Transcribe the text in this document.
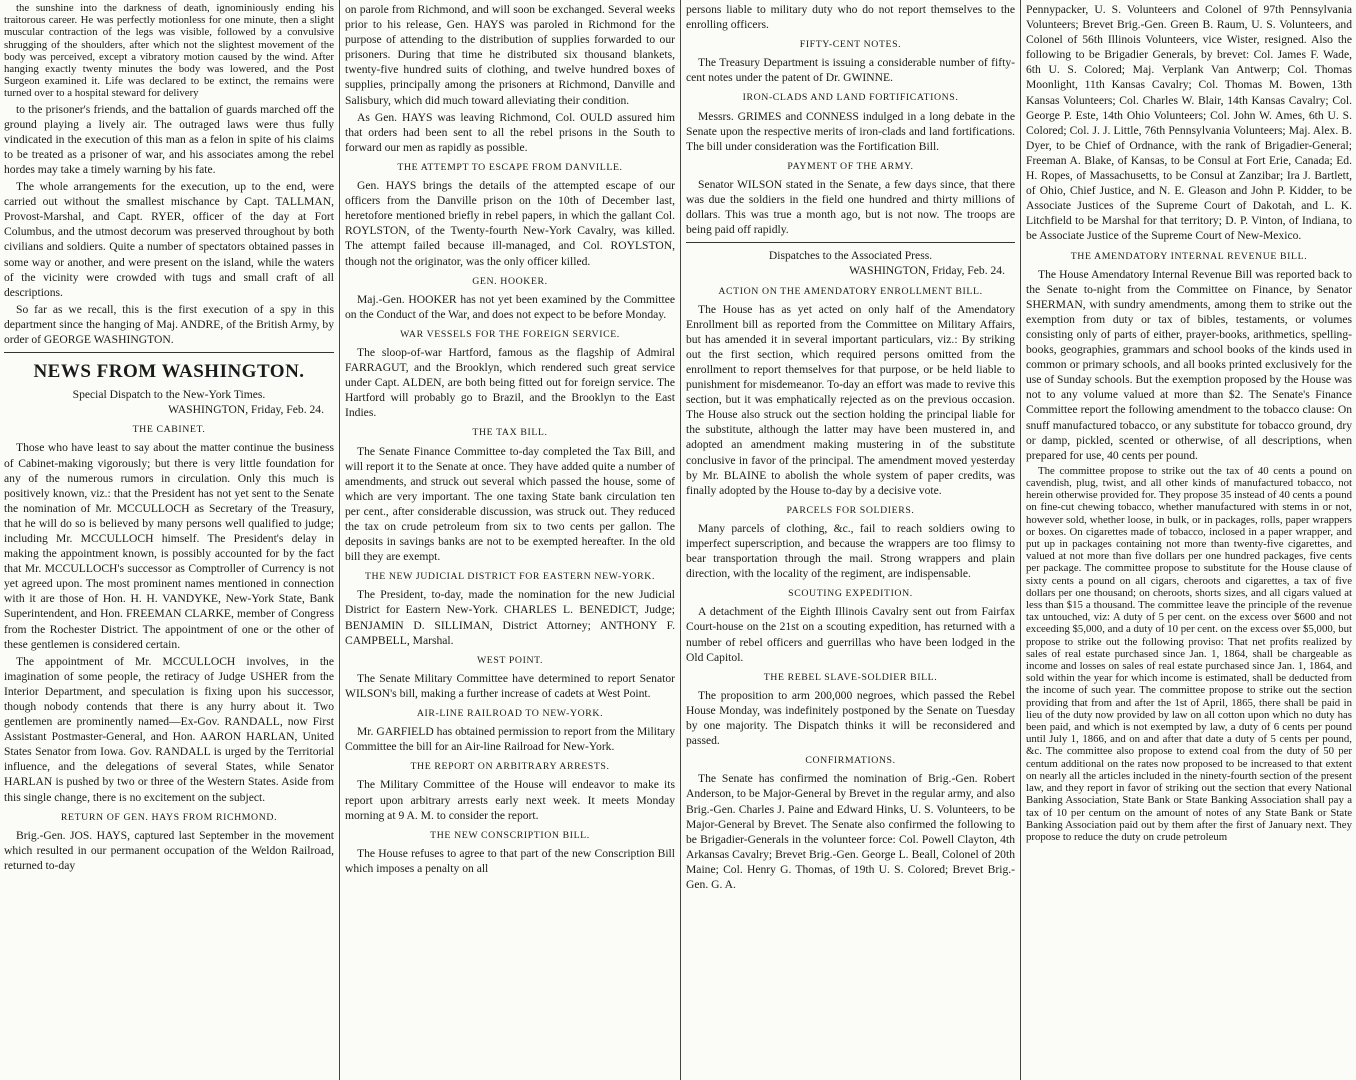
the sunshine into the darkness of death, ignominiously ending his traitorous career. He was perfectly motionless for one minute, then a slight muscular contraction of the legs was visible, followed by a convulsive shrugging of the shoulders, after which not the slightest movement of the body was perceived, except a vibratory motion caused by the wind. After hanging exactly twenty minutes the body was lowered, and the Post Surgeon examined it. Life was declared to be extinct, the remains were turned over to a hospital steward for delivery

to the prisoner's friends, and the battalion of guards marched off the ground playing a lively air. The outraged laws were thus fully vindicated in the execution of this man as a felon in spite of his claims to be treated as a prisoner of war, and his associates among the rebel hordes may take a timely warning by his fate.

The whole arrangements for the execution, up to the end, were carried out without the smallest mischance by Capt. TALLMAN, Provost-Marshal, and Capt. RYER, officer of the day at Fort Columbus, and the utmost decorum was preserved throughout by both civilians and soldiers. Quite a number of spectators obtained passes in some way or another, and were present on the island, while the waters of the vicinity were crowded with tugs and small craft of all descriptions.

So far as we recall, this is the first execution of a spy in this department since the hanging of Maj. ANDRE, of the British Army, by order of GEORGE WASHINGTON.

NEWS FROM WASHINGTON.
Special Dispatch to the New-York Times.
WASHINGTON, Friday, Feb. 24.
THE CABINET.

Those who have least to say about the matter continue the business of Cabinet-making vigorously; but there is very little foundation for any of the numerous rumors in circulation. Only this much is positively known, viz.: that the President has not yet sent to the Senate the nomination of Mr. MCCULLOCH as Secretary of the Treasury, that he will do so is believed by many persons well qualified to judge; including Mr. MCCULLOCH himself. The President's delay in making the appointment known, is possibly accounted for by the fact that Mr. MCCULLOCH's successor as Comptroller of Currency is not yet agreed upon. The most prominent names mentioned in connection with it are those of Hon. H. H. VANDYKE, New-York State, Bank Superintendent, and Hon. FREEMAN CLARKE, member of Congress from the Rochester District. The appointment of one or the other of these gentlemen is considered certain.

The appointment of Mr. MCCULLOCH involves, in the imagination of some people, the retiracy of Judge USHER from the Interior Department, and speculation is fixing upon his successor, though nobody contends that there is any hurry about it. Two gentlemen are prominently named—Ex-Gov. RANDALL, now First Assistant Postmaster-General, and Hon. AARON HARLAN, United States Senator from Iowa. Gov. RANDALL is urged by the Territorial influence, and the delegations of several States, while Senator HARLAN is pushed by two or three of the Western States. Aside from this single change, there is no excitement on the subject.

RETURN OF GEN. HAYS FROM RICHMOND.

Brig.-Gen. JOS. HAYS, captured last September in the movement which resulted in our permanent occupation of the Weldon Railroad, returned to-day

on parole from Richmond, and will soon be exchanged. Several weeks prior to his release, Gen. HAYS was paroled in Richmond for the purpose of attending to the distribution of supplies forwarded to our prisoners. During that time he distributed six thousand blankets, twenty-five hundred suits of clothing, and twelve hundred boxes of supplies, principally among the prisoners at Richmond, Danville and Salisbury, which did much toward alleviating their condition.

As Gen. HAYS was leaving Richmond, Col. OULD assured him that orders had been sent to all the rebel prisons in the South to forward our men as rapidly as possible.

THE ATTEMPT TO ESCAPE FROM DANVILLE.

Gen. HAYS brings the details of the attempted escape of our officers from the Danville prison on the 10th of December last, heretofore mentioned briefly in rebel papers, in which the gallant Col. ROYLSTON, of the Twenty-fourth New-York Cavalry, was killed. The attempt failed because ill-managed, and Col. ROYLSTON, though not the originator, was the only officer killed.

GEN. HOOKER.

Maj.-Gen. HOOKER has not yet been examined by the Committee on the Conduct of the War, and does not expect to be before Monday.

WAR VESSELS FOR THE FOREIGN SERVICE.

The sloop-of-war Hartford, famous as the flagship of Admiral FARRAGUT, and the Brooklyn, which rendered such great service under Capt. ALDEN, are both being fitted out for foreign service. The Hartford will probably go to Brazil, and the Brooklyn to the East Indies.

THE TAX BILL.

The Senate Finance Committee to-day completed the Tax Bill, and will report it to the Senate at once. They have added quite a number of amendments, and struck out several which passed the house, some of which are very important. The one taxing State bank circulation ten per cent., after considerable discussion, was struck out. They reduced the tax on crude petroleum from six to two cents per gallon. The deposits in savings banks are not to be exempted hereafter. In the old bill they are exempt.

THE NEW JUDICIAL DISTRICT FOR EASTERN NEW-YORK.

The President, to-day, made the nomination for the new Judicial District for Eastern New-York. CHARLES L. BENEDICT, Judge; BENJAMIN D. SILLIMAN, District Attorney; ANTHONY F. CAMPBELL, Marshal.

WEST POINT.

The Senate Military Committee have determined to report Senator WILSON's bill, making a further increase of cadets at West Point.

AIR-LINE RAILROAD TO NEW-YORK.

Mr. GARFIELD has obtained permission to report from the Military Committee the bill for an Air-line Railroad for New-York.

THE REPORT ON ARBITRARY ARRESTS.

The Military Committee of the House will endeavor to make its report upon arbitrary arrests early next week. It meets Monday morning at 9 A. M. to consider the report.

THE NEW CONSCRIPTION BILL.

The House refuses to agree to that part of the new Conscription Bill which imposes a penalty on all

persons liable to military duty who do not report themselves to the enrolling officers.

FIFTY-CENT NOTES.

The Treasury Department is issuing a considerable number of fifty-cent notes under the patent of Dr. GWINNE.

IRON-CLADS AND LAND FORTIFICATIONS.

Messrs. GRIMES and CONNESS indulged in a long debate in the Senate upon the respective merits of iron-clads and land fortifications. The bill under consideration was the Fortification Bill.

PAYMENT OF THE ARMY.

Senator WILSON stated in the Senate, a few days since, that there was due the soldiers in the field one hundred and thirty millions of dollars. This was true a month ago, but is not now. The troops are being paid off rapidly.

Dispatches to the Associated Press.
WASHINGTON, Friday, Feb. 24.
ACTION ON THE AMENDATORY ENROLLMENT BILL.

The House has as yet acted on only half of the Amendatory Enrollment bill as reported from the Committee on Military Affairs, but has amended it in several important particulars, viz.: By striking out the first section, which required persons omitted from the enrollment to report themselves for that purpose, or be held liable to punishment for misdemeanor. To-day an effort was made to revive this section, but it was emphatically rejected as on the previous occasion. The House also struck out the section holding the principal liable for the substitute, although the latter may have been mustered in, and adopted an amendment making mustering in of the substitute conclusive in favor of the principal. The amendment moved yesterday by Mr. BLAINE to abolish the whole system of paper credits, was finally adopted by the House to-day by a decisive vote.

PARCELS FOR SOLDIERS.

Many parcels of clothing, &c., fail to reach soldiers owing to imperfect superscription, and because the wrappers are too flimsy to bear transportation through the mail. Strong wrappers and plain direction, with the locality of the regiment, are indispensable.

SCOUTING EXPEDITION.

A detachment of the Eighth Illinois Cavalry sent out from Fairfax Court-house on the 21st on a scouting expedition, has returned with a number of rebel officers and guerrillas who have been lodged in the Old Capitol.

THE REBEL SLAVE-SOLDIER BILL.

The proposition to arm 200,000 negroes, which passed the Rebel House Monday, was indefinitely postponed by the Senate on Tuesday by one majority. The Dispatch thinks it will be reconsidered and passed.

CONFIRMATIONS.

The Senate has confirmed the nomination of Brig.-Gen. Robert Anderson, to be Major-General by Brevet in the regular army, and also Brig.-Gen. Charles J. Paine and Edward Hinks, U. S. Volunteers, to be Major-General by Brevet. The Senate also confirmed the following to be Brigadier-Generals in the volunteer force: Col. Powell Clayton, 4th Arkansas Cavalry; Brevet Brig.-Gen. George L. Beall, Colonel of 20th Maine; Col. Henry G. Thomas, of 19th U. S. Colored; Brevet Brig.-Gen. G. A.

Pennypacker, U. S. Volunteers and Colonel of 97th Pennsylvania Volunteers; Brevet Brig.-Gen. Green B. Raum, U. S. Volunteers, and Colonel of 56th Illinois Volunteers, vice Wister, resigned. Also the following to be Brigadier Generals, by brevet: Col. James F. Wade, 6th U. S. Colored; Maj. Verplank Van Antwerp; Col. Thomas Moonlight, 11th Kansas Cavalry; Col. Thomas M. Bowen, 13th Kansas Volunteers; Col. Charles W. Blair, 14th Kansas Cavalry; Col. George P. Este, 14th Ohio Volunteers; Col. John W. Ames, 6th U. S. Colored; Col. J. J. Little, 76th Pennsylvania Volunteers; Maj. Alex. B. Dyer, to be Chief of Ordnance, with the rank of Brigadier-General; Freeman A. Blake, of Kansas, to be Consul at Fort Erie, Canada; Ed. H. Ropes, of Massachusetts, to be Consul at Zanzibar; Ira J. Bartlett, of Ohio, Chief Justice, and N. E. Gleason and John P. Kidder, to be Associate Justices of the Supreme Court of Dakotah, and L. K. Litchfield to be Marshal for that territory; D. P. Vinton, of Indiana, to be Associate Justice of the Supreme Court of New-Mexico.

THE AMENDATORY INTERNAL REVENUE BILL.

The House Amendatory Internal Revenue Bill was reported back to the Senate to-night from the Committee on Finance, by Senator SHERMAN, with sundry amendments, among them to strike out the exemption from duty or tax of bibles, testaments, or volumes consisting only of parts of either, prayer-books, arithmetics, spelling-books, geographies, grammars and school books of the kinds used in common or primary schools, and all books printed exclusively for the use of Sunday schools. But the exemption proposed by the House was not to any volume valued at more than $2. The Senate's Finance Committee report the following amendment to the tobacco clause: On snuff manufactured tobacco, or any substitute for tobacco ground, dry or damp, pickled, scented or otherwise, of all descriptions, when prepared for use, 40 cents per pound.

The committee propose to strike out the tax of 40 cents a pound on cavendish, plug, twist, and all other kinds of manufactured tobacco, not herein otherwise provided for. They propose 35 instead of 40 cents a pound on fine-cut chewing tobacco, whether manufactured with stems in or not, however sold, whether loose, in bulk, or in packages, rolls, paper wrappers or boxes. On cigarettes made of tobacco, inclosed in a paper wrapper, and put up in packages containing not more than twenty-five cigarettes, and valued at not more than five dollars per one hundred packages, five cents per package. The committee propose to substitute for the House clause of sixty cents a pound on all cigars, cheroots and cigarettes, a tax of five dollars per one thousand; on cheroots, shorts sizes, and all cigars valued at less than $15 a thousand. The committee leave the principle of the revenue tax untouched, viz: A duty of 5 per cent. on the excess over $600 and not exceeding $5,000, and a duty of 10 per cent. on the excess over $5,000, but propose to strike out the following proviso: That net profits realized by sales of real estate purchased since Jan. 1, 1864, shall be chargeable as income and losses on sales of real estate purchased since Jan. 1, 1864, and sold within the year for which income is estimated, shall be deducted from the income of such year. The committee propose to strike out the section providing that from and after the 1st of April, 1865, there shall be paid in lieu of the duty now provided by law on all cotton upon which no duty has been paid, and which is not exempted by law, a duty of 6 cents per pound until July 1, 1866, and on and after that date a duty of 5 cents per pound, &c. The committee also propose to extend coal from the duty of 50 per centum additional on the rates now proposed to be increased to that extent on nearly all the articles included in the ninety-fourth section of the present law, and they report in favor of striking out the section that every National Banking Association, State Bank or State Banking Association shall pay a tax of 10 per centum on the amount of notes of any State Bank or State Banking Association paid out by them after the first of January next. They propose to reduce the duty on crude petroleum
